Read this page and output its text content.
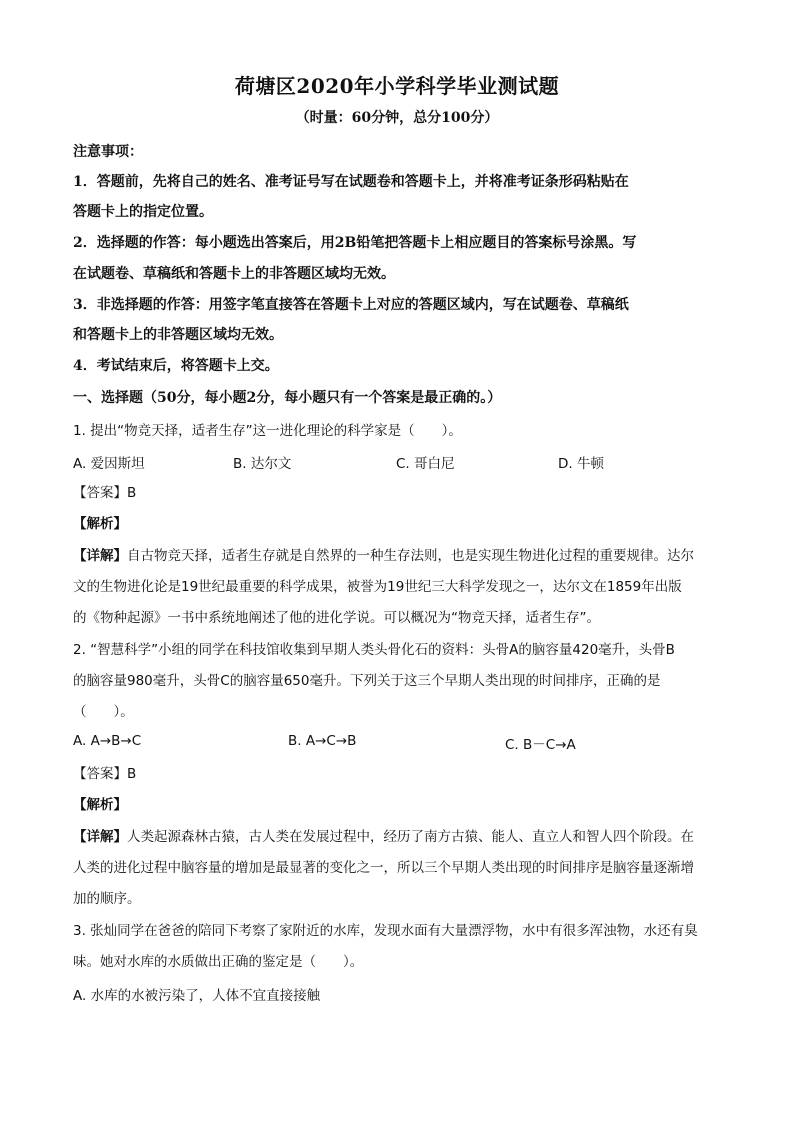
荷塘区2020年小学科学毕业测试题
（时量：60分钟，总分100分）
注意事项：
1．答题前，先将自己的姓名、准考证号写在试题卷和答题卡上，并将准考证条形码粘贴在
答题卡上的指定位置。
2．选择题的作答：每小题选出答案后，用2B铅笔把答题卡上相应题目的答案标号涂黑。写
在试题卷、草稿纸和答题卡上的非答题区域均无效。
3．非选择题的作答：用签字笔直接答在答题卡上对应的答题区域内，写在试题卷、草稿纸
和答题卡上的非答题区域均无效。
4．考试结束后，将答题卡上交。
一、选择题（50分，每小题2分，每小题只有一个答案是最正确的。）
1. 提出“物竞天择，适者生存”这一进化理论的科学家是（　　）。
A. 爱因斯坦	B. 达尔文	C. 哥白尼	D. 牛顿
【答案】B
【解析】
【详解】自古物竞天择，适者生存就是自然界的一种生存法则，也是实现生物进化过程的重要规律。达尔
文的生物进化论是19世纪最重要的科学成果，被誉为19世纪三大科学发现之一，达尔文在1859年出版
的《物种起源》一书中系统地阐述了他的进化学说。可以概况为“物竞天择，适者生存”。
2. “智慧科学”小组的同学在科技馆收集到早期人类头骨化石的资料：头骨A的脑容量420毫升，头骨B
的脑容量980毫升，头骨C的脑容量650毫升。下列关于这三个早期人类出现的时间排序，正确的是
（　　）。
A. A→B→C	B. A→C→B	C. B－C→A
【答案】B
【解析】
【详解】人类起源森林古猿，古人类在发展过程中，经历了南方古猿、能人、直立人和智人四个阶段。在
人类的进化过程中脑容量的增加是最显著的变化之一，所以三个早期人类出现的时间排序是脑容量逐渐增
加的顺序。
3. 张灿同学在爸爸的陪同下考察了家附近的水库，发现水面有大量漂浮物，水中有很多浑浊物，水还有臭
味。她对水库的水质做出正确的鉴定是（　　）。
A. 水库的水被污染了，人体不宜直接接触
